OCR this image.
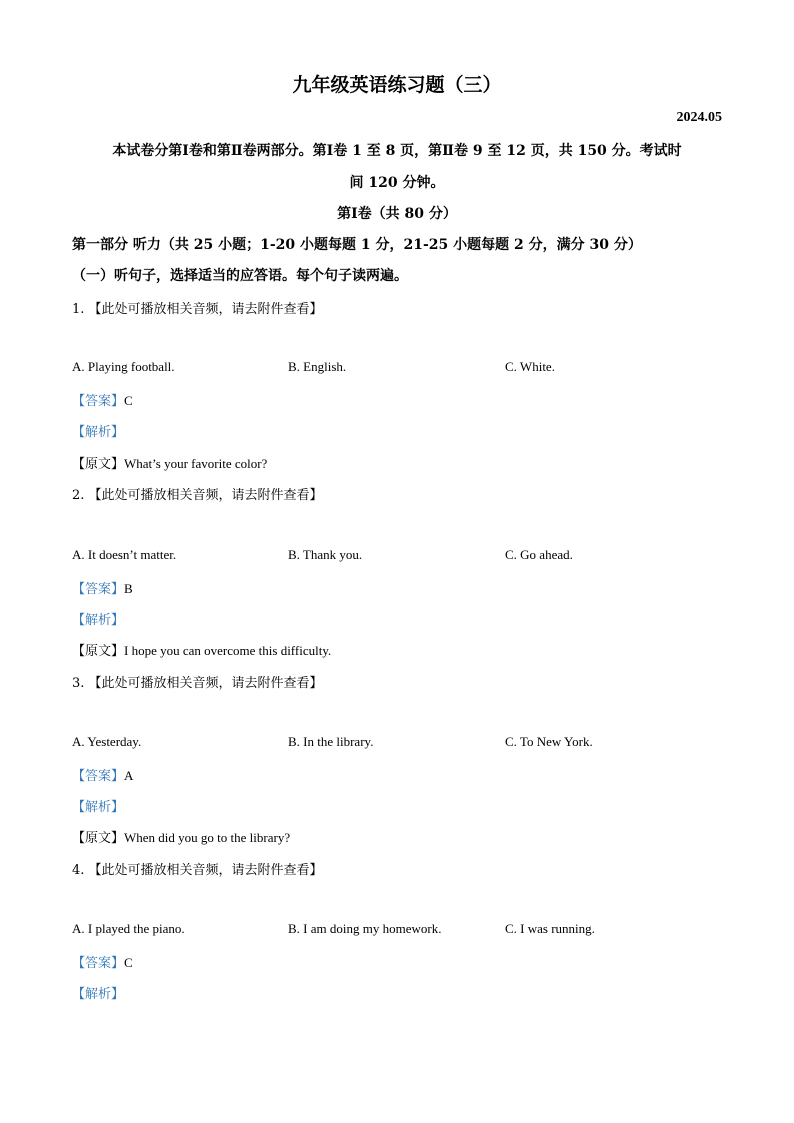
九年级英语练习题（三）
2024.05
本试卷分第Ⅰ卷和第Ⅱ卷两部分。第Ⅰ卷 1 至 8 页，第Ⅱ卷 9 至 12 页，共 150 分。考试时
间 120 分钟。
第Ⅰ卷（共 80 分）
第一部分 听力（共 25 小题；1-20 小题每题 1 分，21-25 小题每题 2 分，满分 30 分）
（一）听句子，选择适当的应答语。每个句子读两遍。
1. 【此处可播放相关音频，请去附件查看】
A. Playing football.	B. English.	C. White.
【答案】C
【解析】
【原文】What’s your favorite color?
2. 【此处可播放相关音频，请去附件查看】
A. It doesn’t matter.	B. Thank you.	C. Go ahead.
【答案】B
【解析】
【原文】I hope you can overcome this difficulty.
3. 【此处可播放相关音频，请去附件查看】
A. Yesterday.	B. In the library.	C. To New York.
【答案】A
【解析】
【原文】When did you go to the library?
4. 【此处可播放相关音频，请去附件查看】
A. I played the piano.	B. I am doing my homework.	C. I was running.
【答案】C
【解析】
